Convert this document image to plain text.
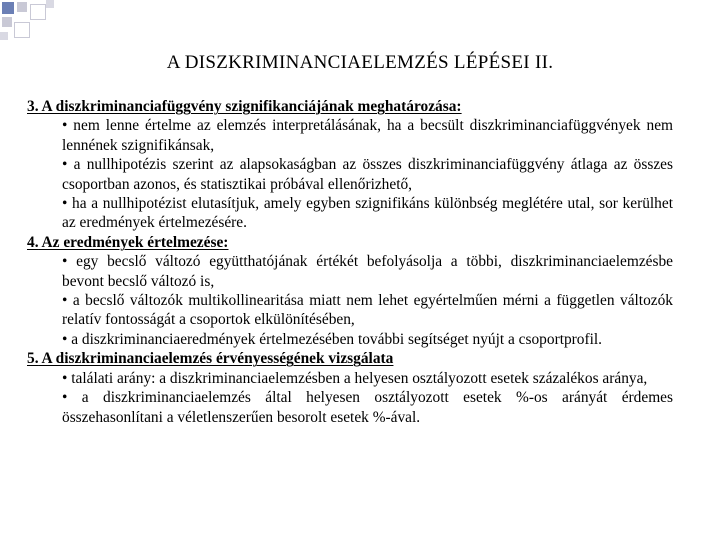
A DISZKRIMINANCIAELEMZÉS LÉPÉSEI II.
3. A diszkriminanciafüggvény szignifikanciájának meghatározása:
• nem lenne értelme az elemzés interpretálásának, ha a becsült diszkriminanciafüggvények nem lennének szignifikánsak,
• a nullhipotézis szerint az alapsokaságban az összes diszkriminanciafüggvény átlaga az összes csoportban azonos, és statisztikai próbával ellenőrizhető,
• ha a nullhipotézist elutasítjuk, amely egyben szignifikáns különbség meglétére utal, sor kerülhet az eredmények értelmezésére.
4. Az eredmények értelmezése:
• egy becslő változó együtthatójának értékét befolyásolja a többi, diszkriminanciaelemzésbe bevont becslő változó is,
• a becslő változók multikollinearitása miatt nem lehet egyértelműen mérni a független változók relatív fontosságát a csoportok elkülönítésében,
• a diszkriminanciaeredmények értelmezésében további segítséget nyújt a csoportprofil.
5. A diszkriminanciaelemzés érvényességének vizsgálata
• találati arány: a diszkriminanciaelemzésben a helyesen osztályozott esetek százalékos aránya,
• a diszkriminanciaelemzés által helyesen osztályozott esetek %-os arányát érdemes összehasonlítani a véletlenszerűen besorolt esetek %-ával.
